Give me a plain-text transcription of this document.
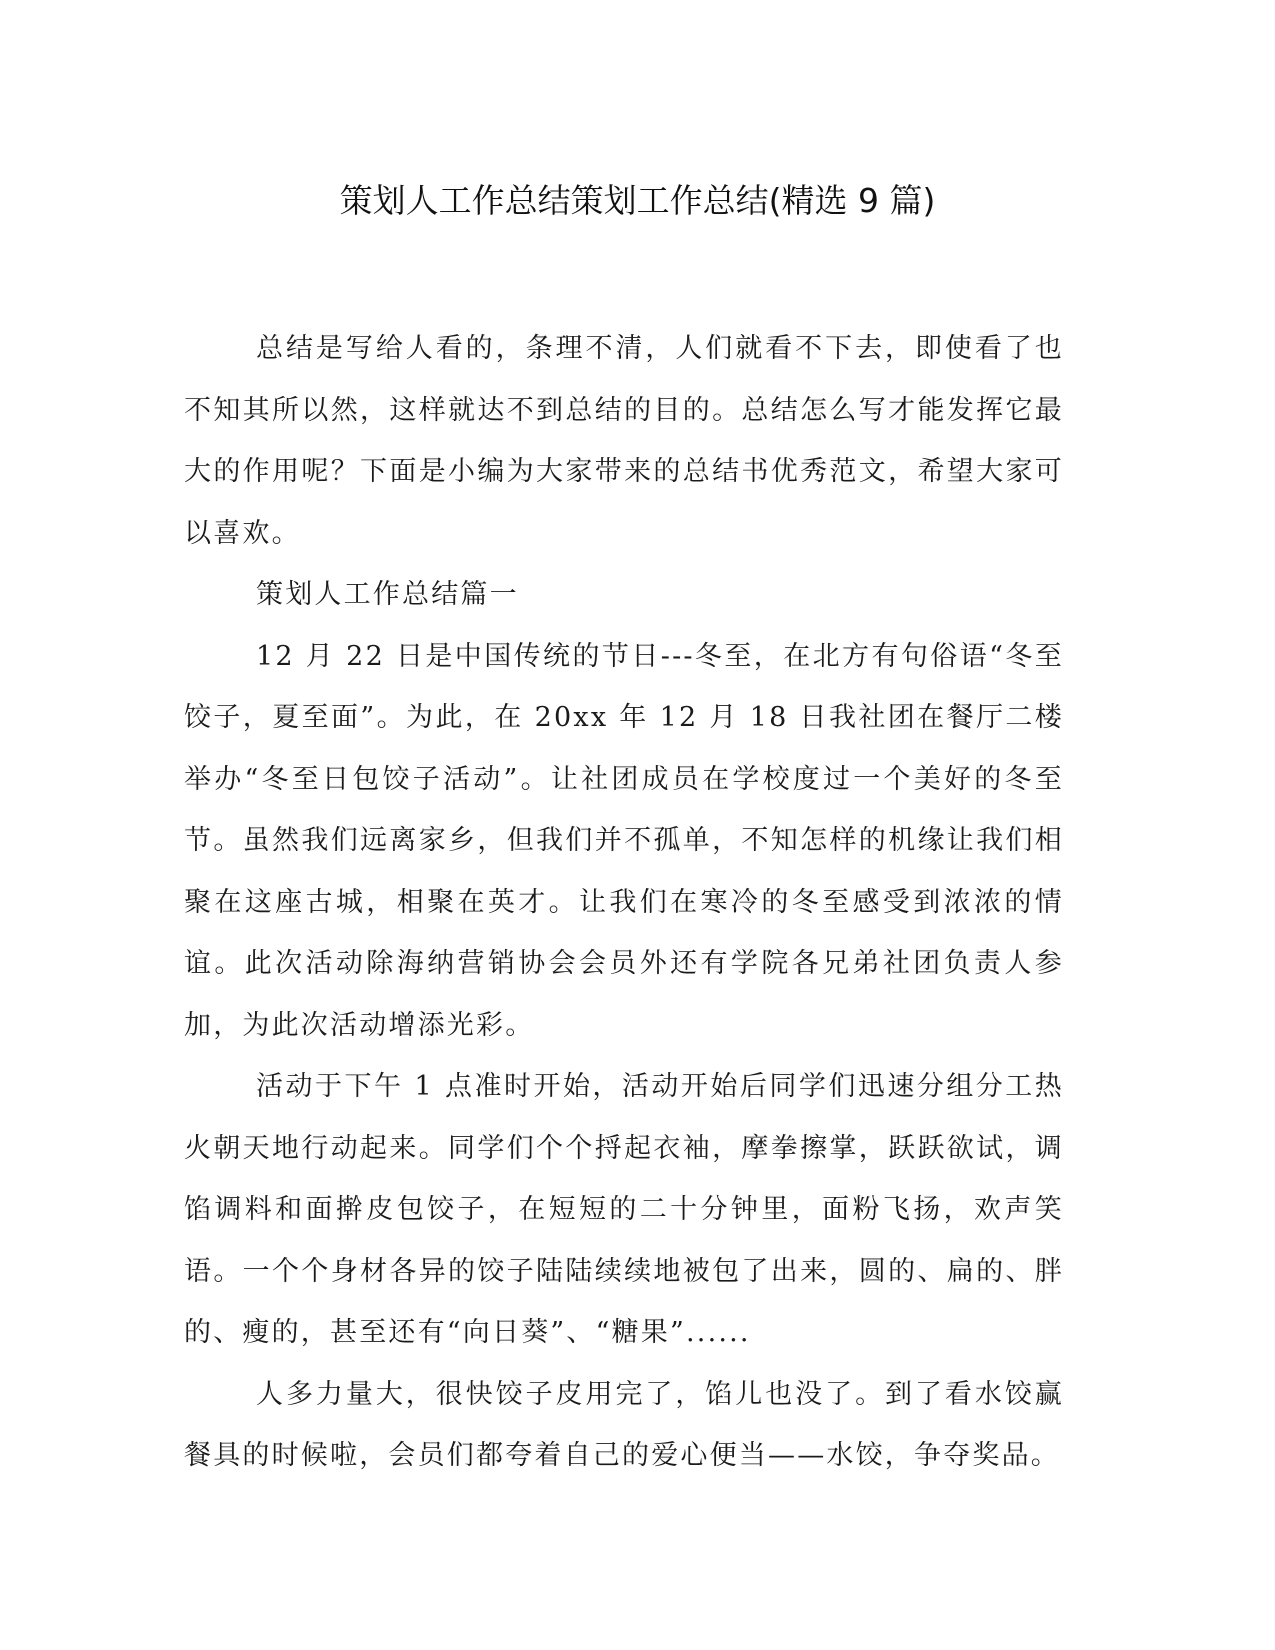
策划人工作总结策划工作总结(精选 9 篇)

总结是写给人看的，条理不清，人们就看不下去，即使看了也不知其所以然，这样就达不到总结的目的。总结怎么写才能发挥它最大的作用呢？下面是小编为大家带来的总结书优秀范文，希望大家可以喜欢。

策划人工作总结篇一

12 月 22 日是中国传统的节日---冬至，在北方有句俗语“冬至饺子，夏至面”。为此，在 20xx 年 12 月 18 日我社团在餐厅二楼举办“冬至日包饺子活动”。让社团成员在学校度过一个美好的冬至节。虽然我们远离家乡，但我们并不孤单，不知怎样的机缘让我们相聚在这座古城，相聚在英才。让我们在寒冷的冬至感受到浓浓的情谊。此次活动除海纳营销协会会员外还有学院各兄弟社团负责人参加，为此次活动增添光彩。

活动于下午 1 点准时开始，活动开始后同学们迅速分组分工热火朝天地行动起来。同学们个个捋起衣袖，摩拳擦掌，跃跃欲试，调馅调料和面擀皮包饺子，在短短的二十分钟里，面粉飞扬，欢声笑语。一个个身材各异的饺子陆陆续续地被包了出来，圆的、扁的、胖的、瘦的，甚至还有“向日葵”、“糖果”......

人多力量大，很快饺子皮用完了，馅儿也没了。到了看水饺赢餐具的时候啦，会员们都夸着自己的爱心便当——水饺，争夺奖品。
